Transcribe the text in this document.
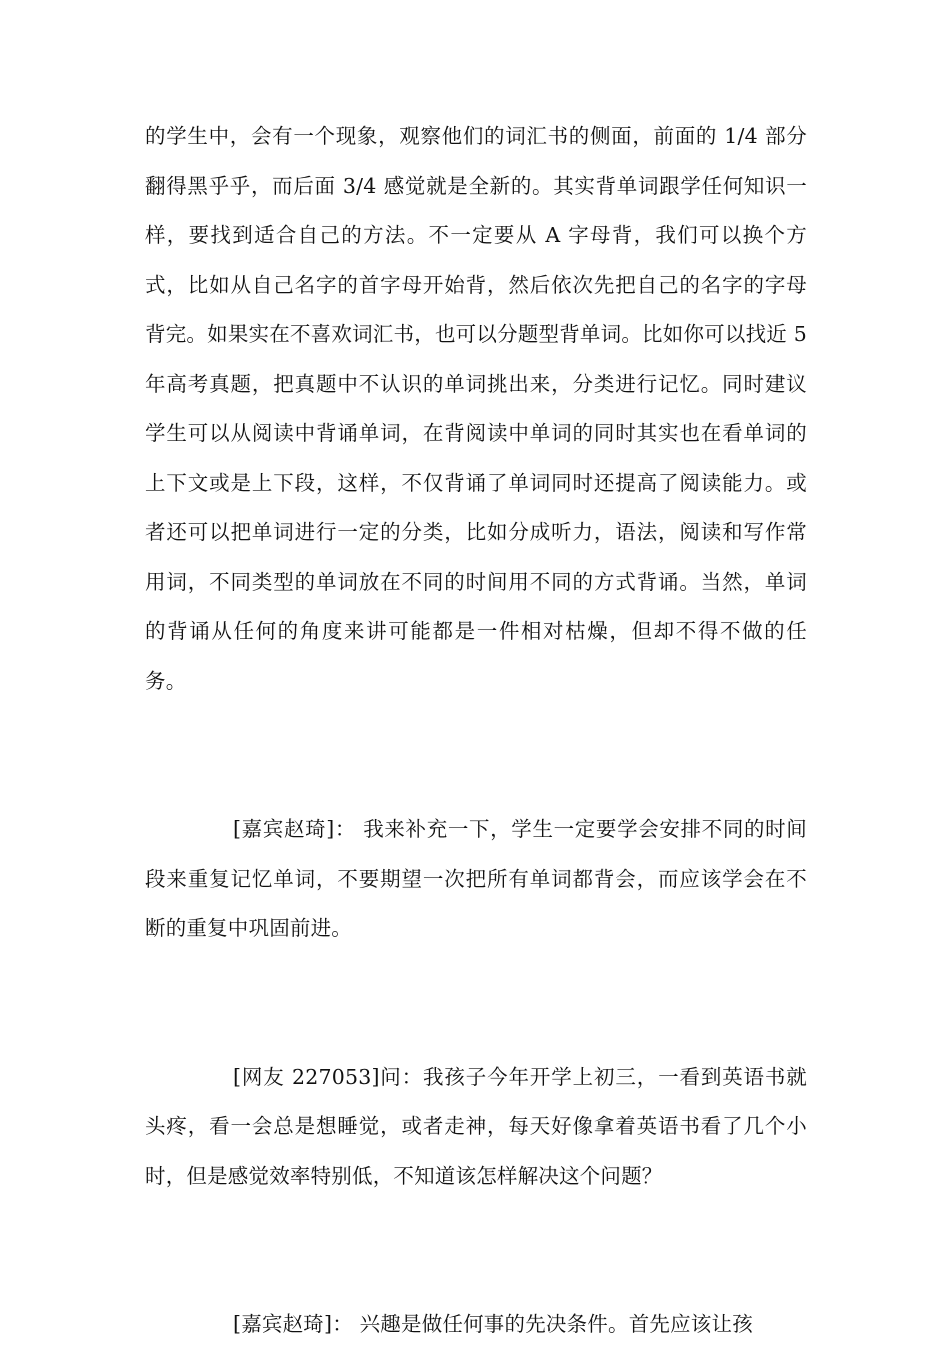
的学生中，会有一个现象，观察他们的词汇书的侧面，前面的 1/4 部分翻得黑乎乎，而后面 3/4 感觉就是全新的。其实背单词跟学任何知识一样，要找到适合自己的方法。不一定要从 A 字母背，我们可以换个方式，比如从自己名字的首字母开始背，然后依次先把自己的名字的字母背完。如果实在不喜欢词汇书，也可以分题型背单词。比如你可以找近 5 年高考真题，把真题中不认识的单词挑出来，分类进行记忆。同时建议学生可以从阅读中背诵单词，在背阅读中单词的同时其实也在看单词的上下文或是上下段，这样，不仅背诵了单词同时还提高了阅读能力。或者还可以把单词进行一定的分类，比如分成听力，语法，阅读和写作常用词，不同类型的单词放在不同的时间用不同的方式背诵。当然，单词的背诵从任何的角度来讲可能都是一件相对枯燥，但却不得不做的任务。

[嘉宾赵琦]： 我来补充一下，学生一定要学会安排不同的时间段来重复记忆单词，不要期望一次把所有单词都背会，而应该学会在不断的重复中巩固前进。

[网友 227053]问：我孩子今年开学上初三，一看到英语书就头疼，看一会总是想睡觉，或者走神，每天好像拿着英语书看了几个小时，但是感觉效率特别低，不知道该怎样解决这个问题？

[嘉宾赵琦]： 兴趣是做任何事的先决条件。首先应该让孩
